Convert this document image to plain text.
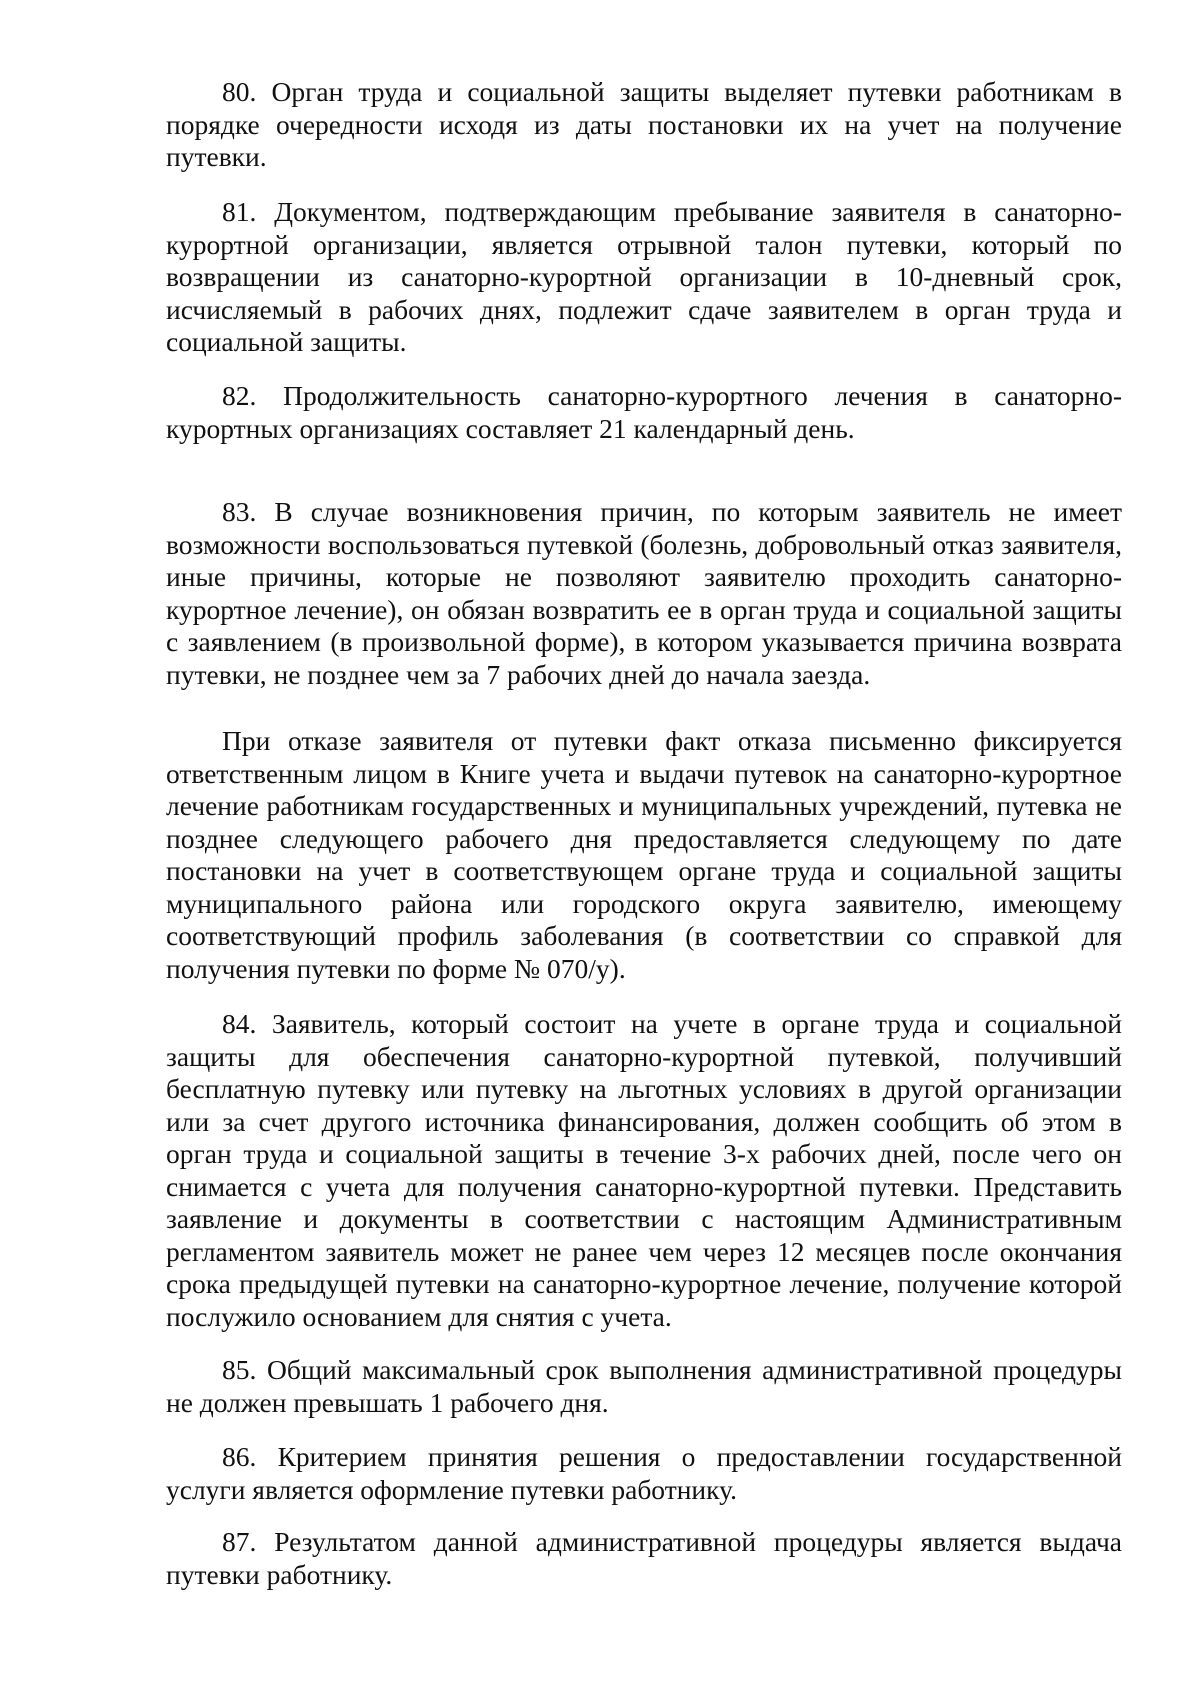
80. Орган труда и социальной защиты выделяет путевки работникам в порядке очередности исходя из даты постановки их на учет на получение путевки.

81. Документом, подтверждающим пребывание заявителя в санаторно-курортной организации, является отрывной талон путевки, который по возвращении из санаторно-курортной организации в 10-дневный срок, исчисляемый в рабочих днях, подлежит сдаче заявителем в орган труда и социальной защиты.

82. Продолжительность санаторно-курортного лечения в санаторно-курортных организациях составляет 21 календарный день.

83. В случае возникновения причин, по которым заявитель не имеет возможности воспользоваться путевкой (болезнь, добровольный отказ заявителя, иные причины, которые не позволяют заявителю проходить санаторно-курортное лечение), он обязан возвратить ее в орган труда и социальной защиты с заявлением (в произвольной форме), в котором указывается причина возврата путевки, не позднее чем за 7 рабочих дней до начала заезда.

При отказе заявителя от путевки факт отказа письменно фиксируется ответственным лицом в Книге учета и выдачи путевок на санаторно-курортное лечение работникам государственных и муниципальных учреждений, путевка не позднее следующего рабочего дня предоставляется следующему по дате постановки на учет в соответствующем органе труда и социальной защиты муниципального района или городского округа заявителю, имеющему соответствующий профиль заболевания (в соответствии со справкой для получения путевки по форме № 070/у).

84. Заявитель, который состоит на учете в органе труда и социальной защиты для обеспечения санаторно-курортной путевкой, получивший бесплатную путевку или путевку на льготных условиях в другой организации или за счет другого источника финансирования, должен сообщить об этом в орган труда и социальной защиты в течение 3-х рабочих дней, после чего он снимается с учета для получения санаторно-курортной путевки. Представить заявление и документы в соответствии с настоящим Административным регламентом заявитель может не ранее чем через 12 месяцев после окончания срока предыдущей путевки на санаторно-курортное лечение, получение которой послужило основанием для снятия с учета.

85. Общий максимальный срок выполнения административной процедуры не должен превышать 1 рабочего дня.

86. Критерием принятия решения о предоставлении государственной услуги является оформление путевки работнику.

87. Результатом данной административной процедуры является выдача путевки работнику.
